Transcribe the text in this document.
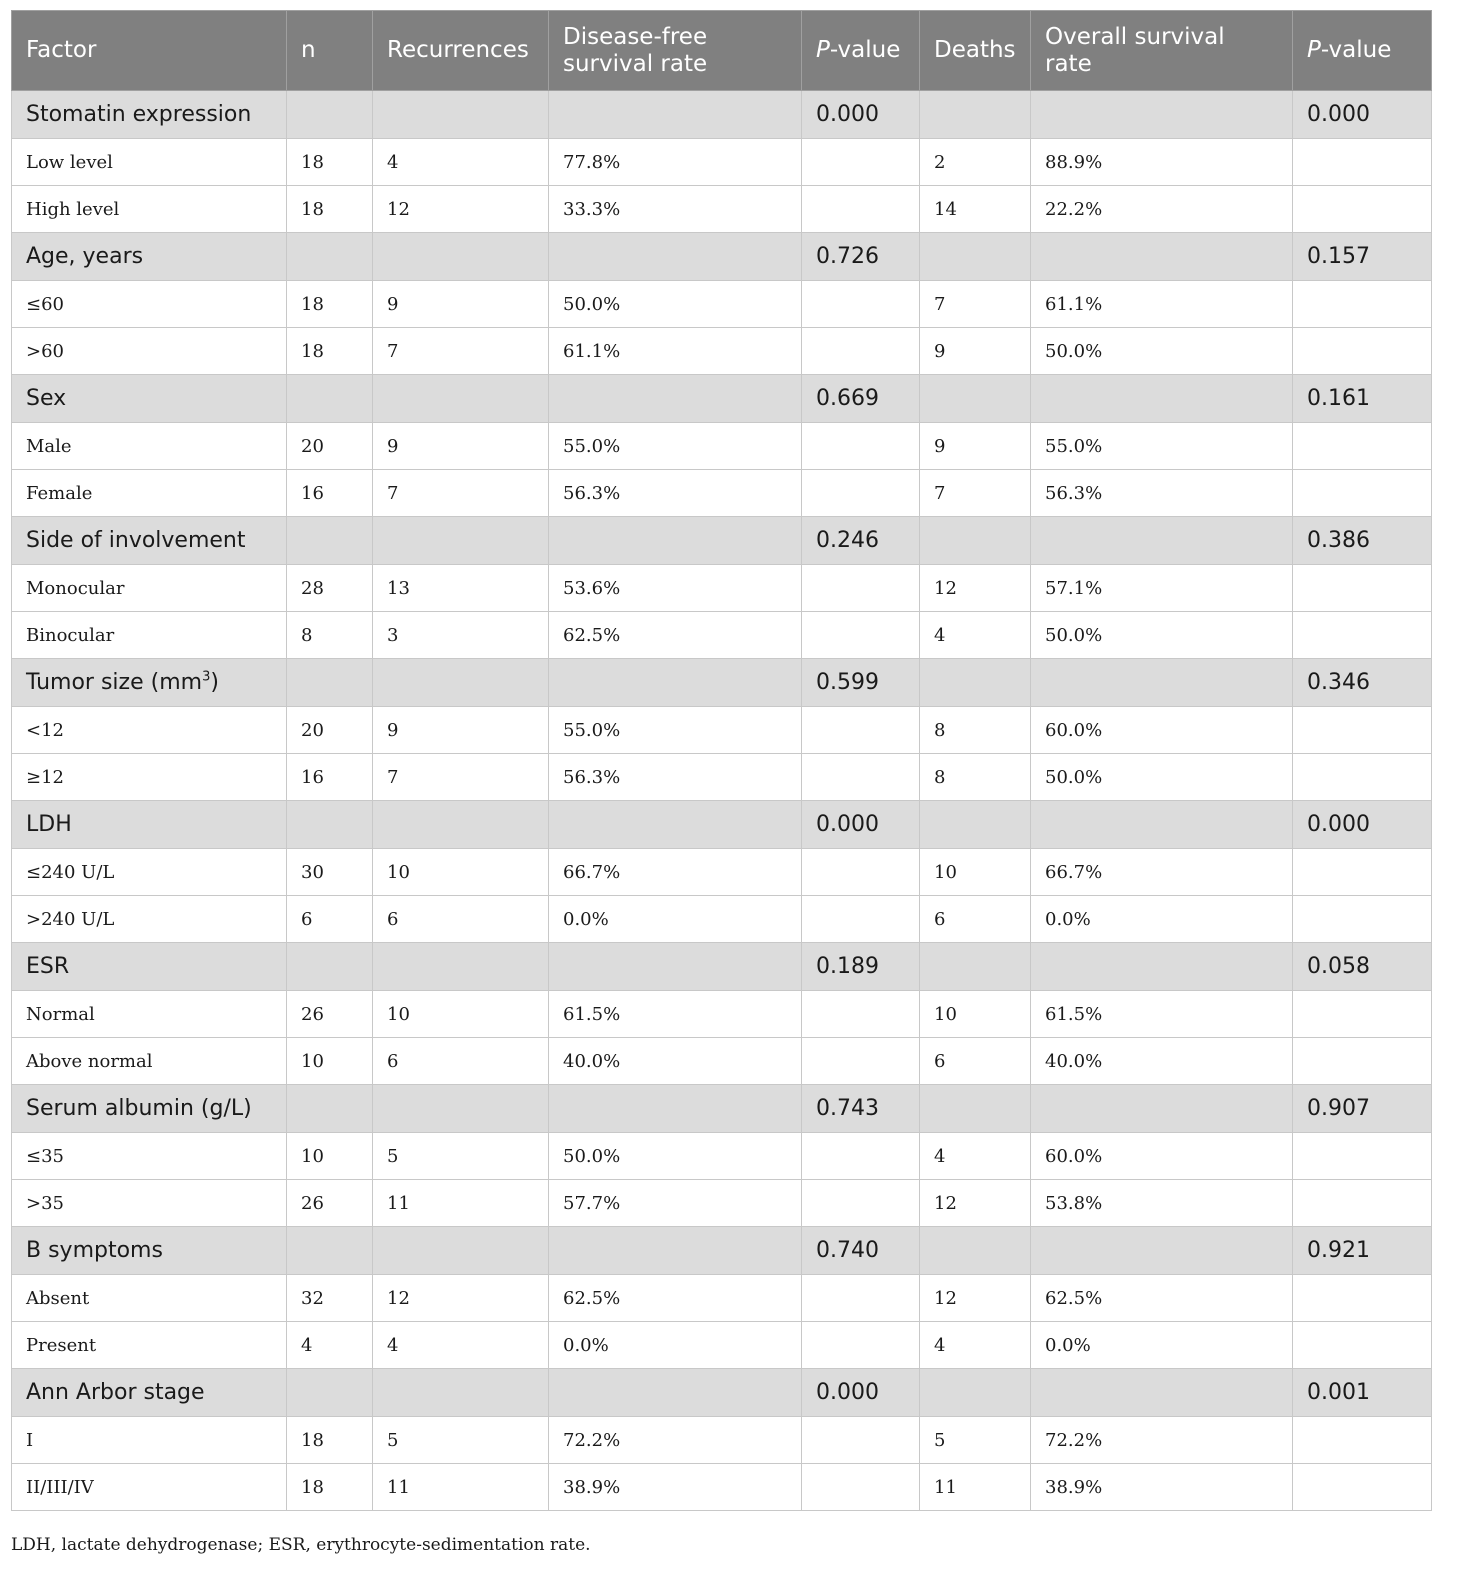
Factor	n	Recurrences	Disease-free survival rate	P-value	Deaths	Overall survival rate	P-value
Stomatin expression				0.000			0.000
Low level	18	4	77.8%		2	88.9%	
High level	18	12	33.3%		14	22.2%	
Age, years				0.726			0.157
≤60	18	9	50.0%		7	61.1%	
>60	18	7	61.1%		9	50.0%	
Sex				0.669			0.161
Male	20	9	55.0%		9	55.0%	
Female	16	7	56.3%		7	56.3%	
Side of involvement				0.246			0.386
Monocular	28	13	53.6%		12	57.1%	
Binocular	8	3	62.5%		4	50.0%	
Tumor size $(mm^3)$				0.599			0.346
<12	20	9	55.0%		8	60.0%	
≥12	16	7	56.3%		8	50.0%	
LDH				0.000			0.000
≤240 U/L	30	10	66.7%		10	66.7%	
>240 U/L	6	6	0.0%		6	0.0%	
ESR				0.189			0.058
Normal	26	10	61.5%		10	61.5%	
Above normal	10	6	40.0%		6	40.0%	
Serum albumin (g/L)				0.743			0.907
≤35	10	5	50.0%		4	60.0%	
>35	26	11	57.7%		12	53.8%	
B symptoms				0.740			0.921
Absent	32	12	62.5%		12	62.5%	
Present	4	4	0.0%		4	0.0%	
Ann Arbor stage				0.000			0.001
I	18	5	72.2%		5	72.2%	
II/III/IV	18	11	38.9%		11	38.9%	
LDH, lactate dehydrogenase; ESR, erythrocyte-sedimentation rate.
